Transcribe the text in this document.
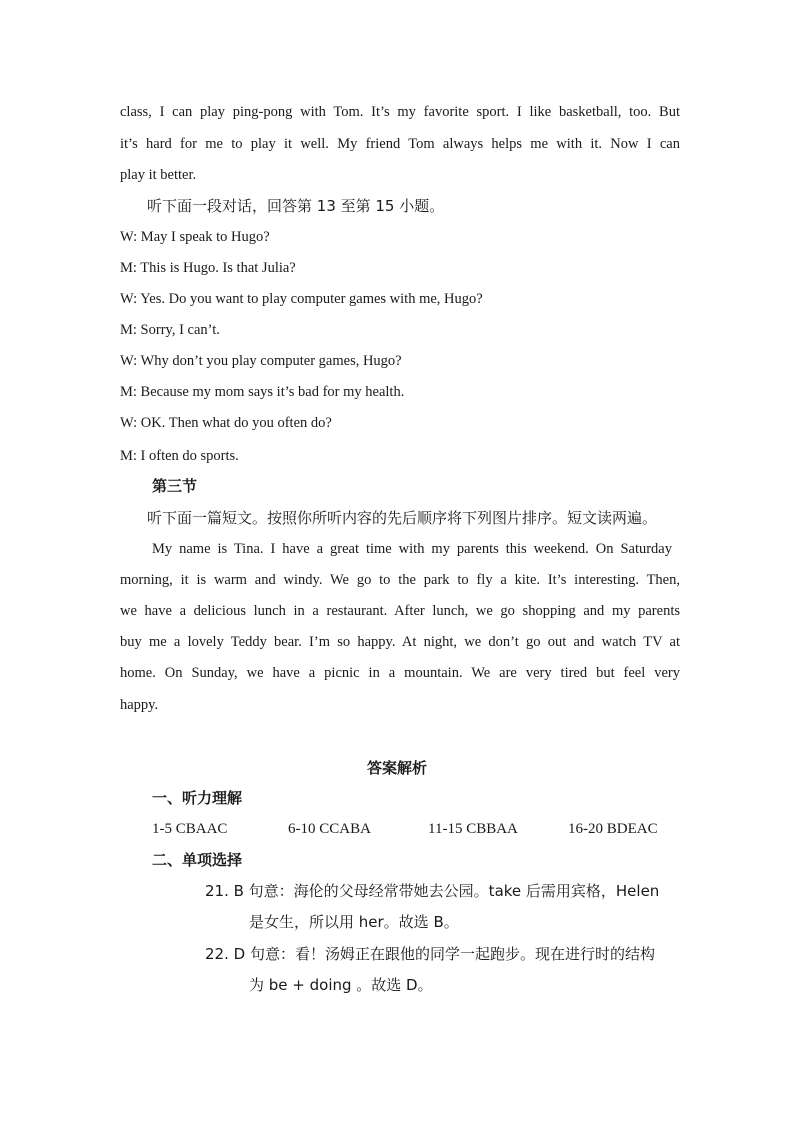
class, I can play ping-pong with Tom. It’s my favorite sport. I like basketball, too. But
it’s hard for me to play it well. My friend Tom always helps me with it. Now I can
play it better.
听下面一段对话，回答第 13 至第 15 小题。
W: May I speak to Hugo?
M: This is Hugo. Is that Julia?
W: Yes. Do you want to play computer games with me, Hugo?
M: Sorry, I can’t.
W: Why don’t you play computer games, Hugo?
M: Because my mom says it’s bad for my health.
W: OK. Then what do you often do?
M: I often do sports.
第三节
听下面一篇短文。按照你所听内容的先后顺序将下列图片排序。短文读两遍。
My name is Tina. I have a great time with my parents this weekend. On Saturday
morning, it is warm and windy. We go to the park to fly a kite. It’s interesting. Then,
we have a delicious lunch in a restaurant. After lunch, we go shopping and my parents
buy me a lovely Teddy bear. I’m so happy. At night, we don’t go out and watch TV at
home. On Sunday, we have a picnic in a mountain. We are very tired but feel very
happy.
答案解析
一、听力理解
1-5 CBAAC	6-10 CCABA	11-15 CBBAA	16-20 BDEAC
二、单项选择
21. B 句意：海伦的父母经常带她去公园。take 后需用宾格，Helen
是女生，所以用 her。故选 B。
22. D 句意：看！汤姆正在跟他的同学一起跑步。现在进行时的结构
为 be + doing 。故选 D。
